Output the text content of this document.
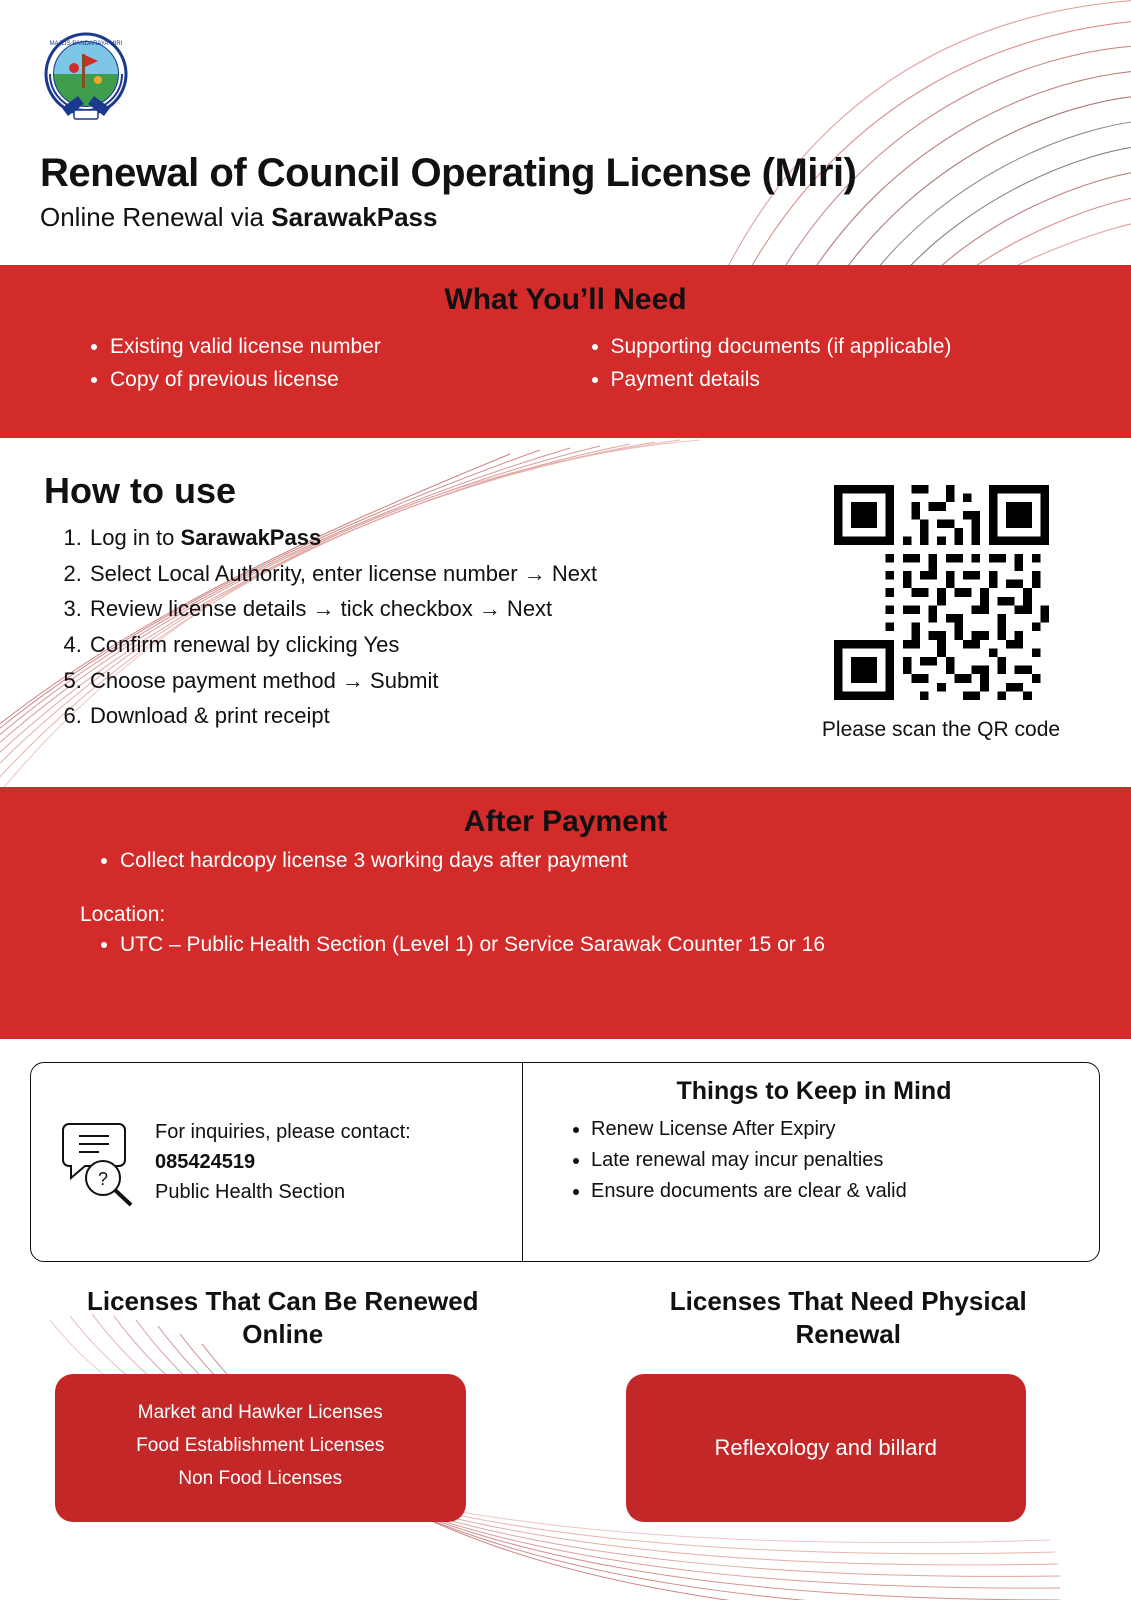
MAJLIS BANDARAYA MIRI
Renewal of Council Operating License (Miri)
Online Renewal via SarawakPass
What You’ll Need
• Existing valid license number
• Copy of previous license
• Supporting documents (if applicable)
• Payment details
How to use
1. Log in to SarawakPass
2. Select Local Authority, enter license number → Next
3. Review license details → tick checkbox → Next
4. Confirm renewal by clicking Yes
5. Choose payment method → Submit
6. Download & print receipt
Please scan the QR code
After Payment
• Collect hardcopy license 3 working days after payment
Location:
• UTC – Public Health Section (Level 1) or Service Sarawak Counter 15 or 16
?
For inquiries, please contact:
085424519
Public Health Section
Things to Keep in Mind
• Renew License After Expiry
• Late renewal may incur penalties
• Ensure documents are clear & valid
Licenses That Can Be Renewed Online
Market and Hawker Licenses
Food Establishment Licenses
Non Food Licenses
Licenses That Need Physical Renewal
Reflexology and billard
